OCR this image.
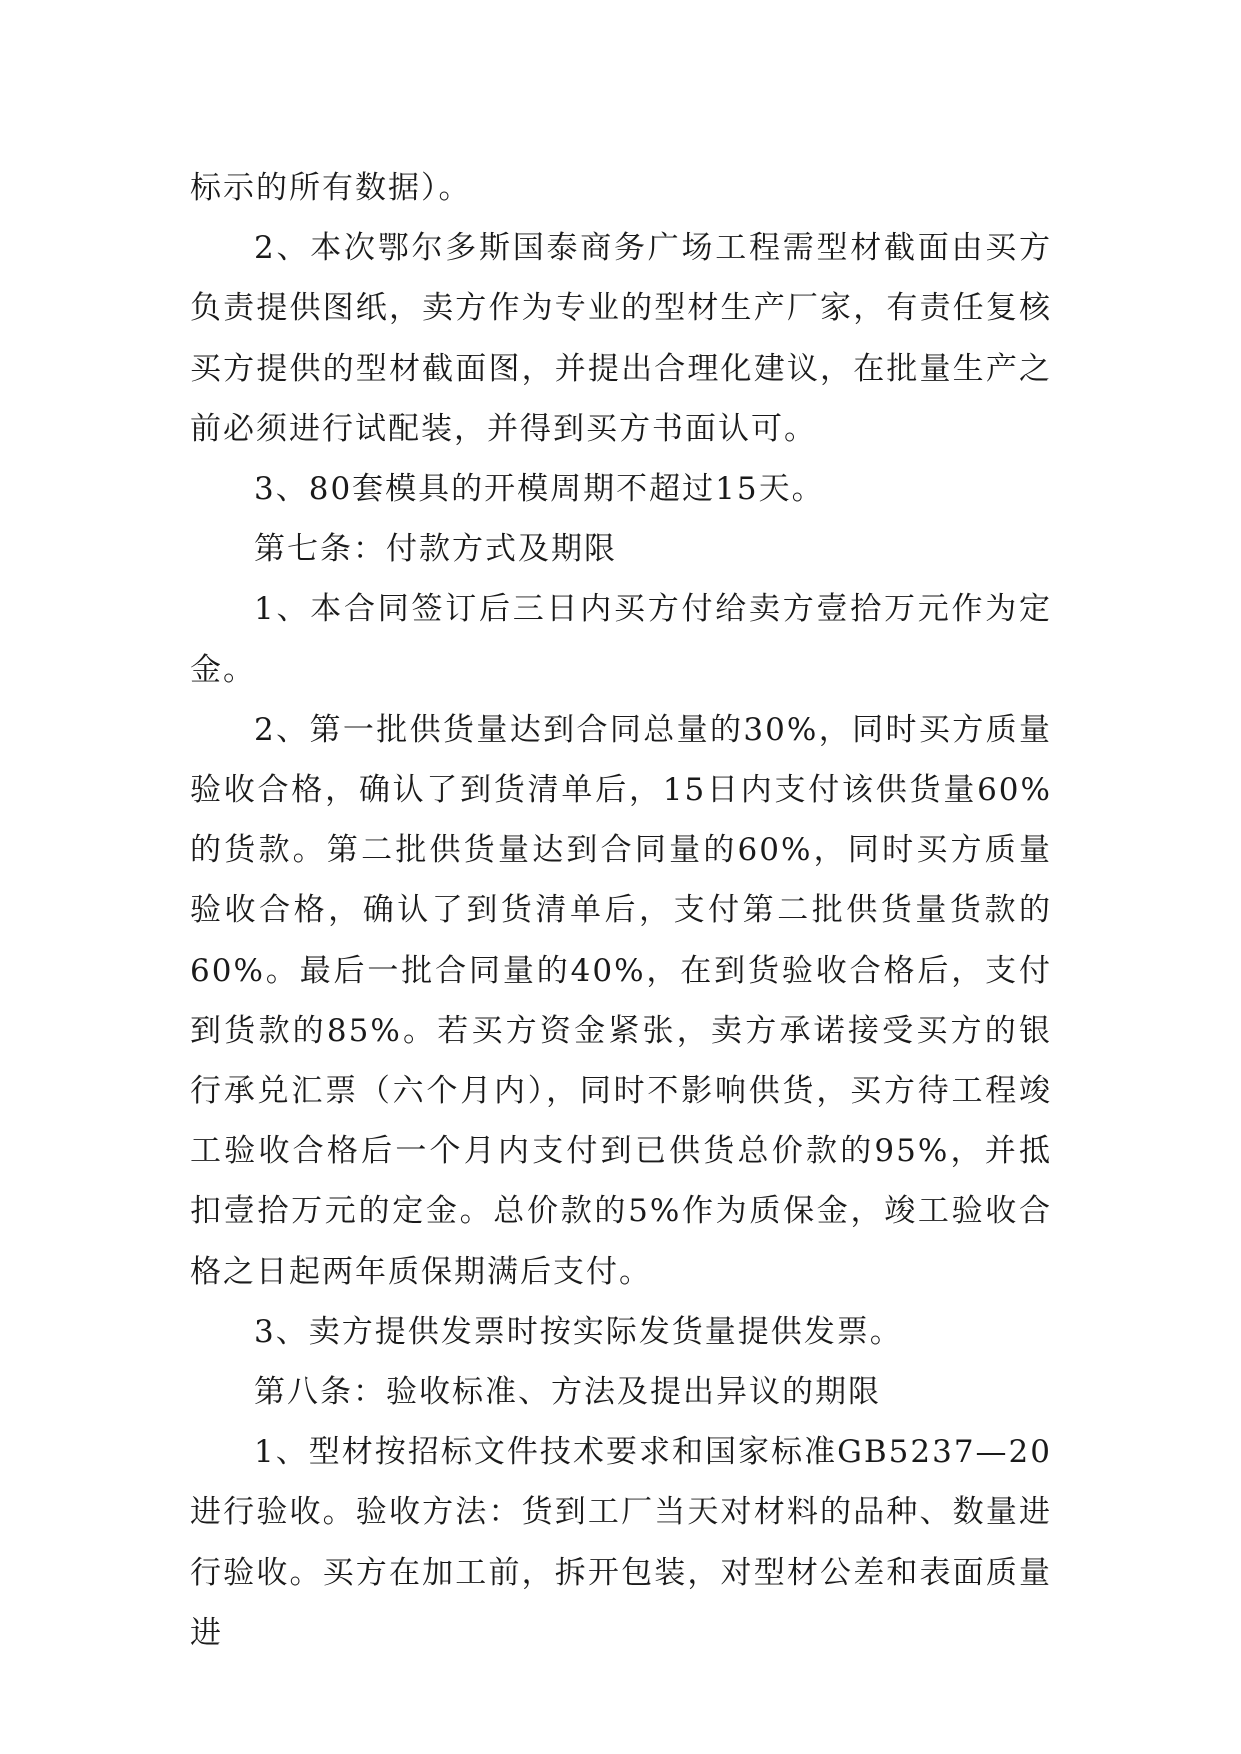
标示的所有数据）。

2、本次鄂尔多斯国泰商务广场工程需型材截面由买方负责提供图纸，卖方作为专业的型材生产厂家，有责任复核买方提供的型材截面图，并提出合理化建议，在批量生产之前必须进行试配装，并得到买方书面认可。

3、80套模具的开模周期不超过15天。

第七条：付款方式及期限

1、本合同签订后三日内买方付给卖方壹拾万元作为定金。

2、第一批供货量达到合同总量的30%，同时买方质量验收合格，确认了到货清单后，15日内支付该供货量60%的货款。第二批供货量达到合同量的60%，同时买方质量验收合格，确认了到货清单后，支付第二批供货量货款的60%。最后一批合同量的40%，在到货验收合格后，支付到货款的85%。若买方资金紧张，卖方承诺接受买方的银行承兑汇票（六个月内），同时不影响供货，买方待工程竣工验收合格后一个月内支付到已供货总价款的95%，并抵扣壹拾万元的定金。总价款的5%作为质保金，竣工验收合格之日起两年质保期满后支付。

3、卖方提供发票时按实际发货量提供发票。

第八条：验收标准、方法及提出异议的期限

1、型材按招标文件技术要求和国家标准GB5237—20进行验收。验收方法：货到工厂当天对材料的品种、数量进行验收。买方在加工前，拆开包装，对型材公差和表面质量进
